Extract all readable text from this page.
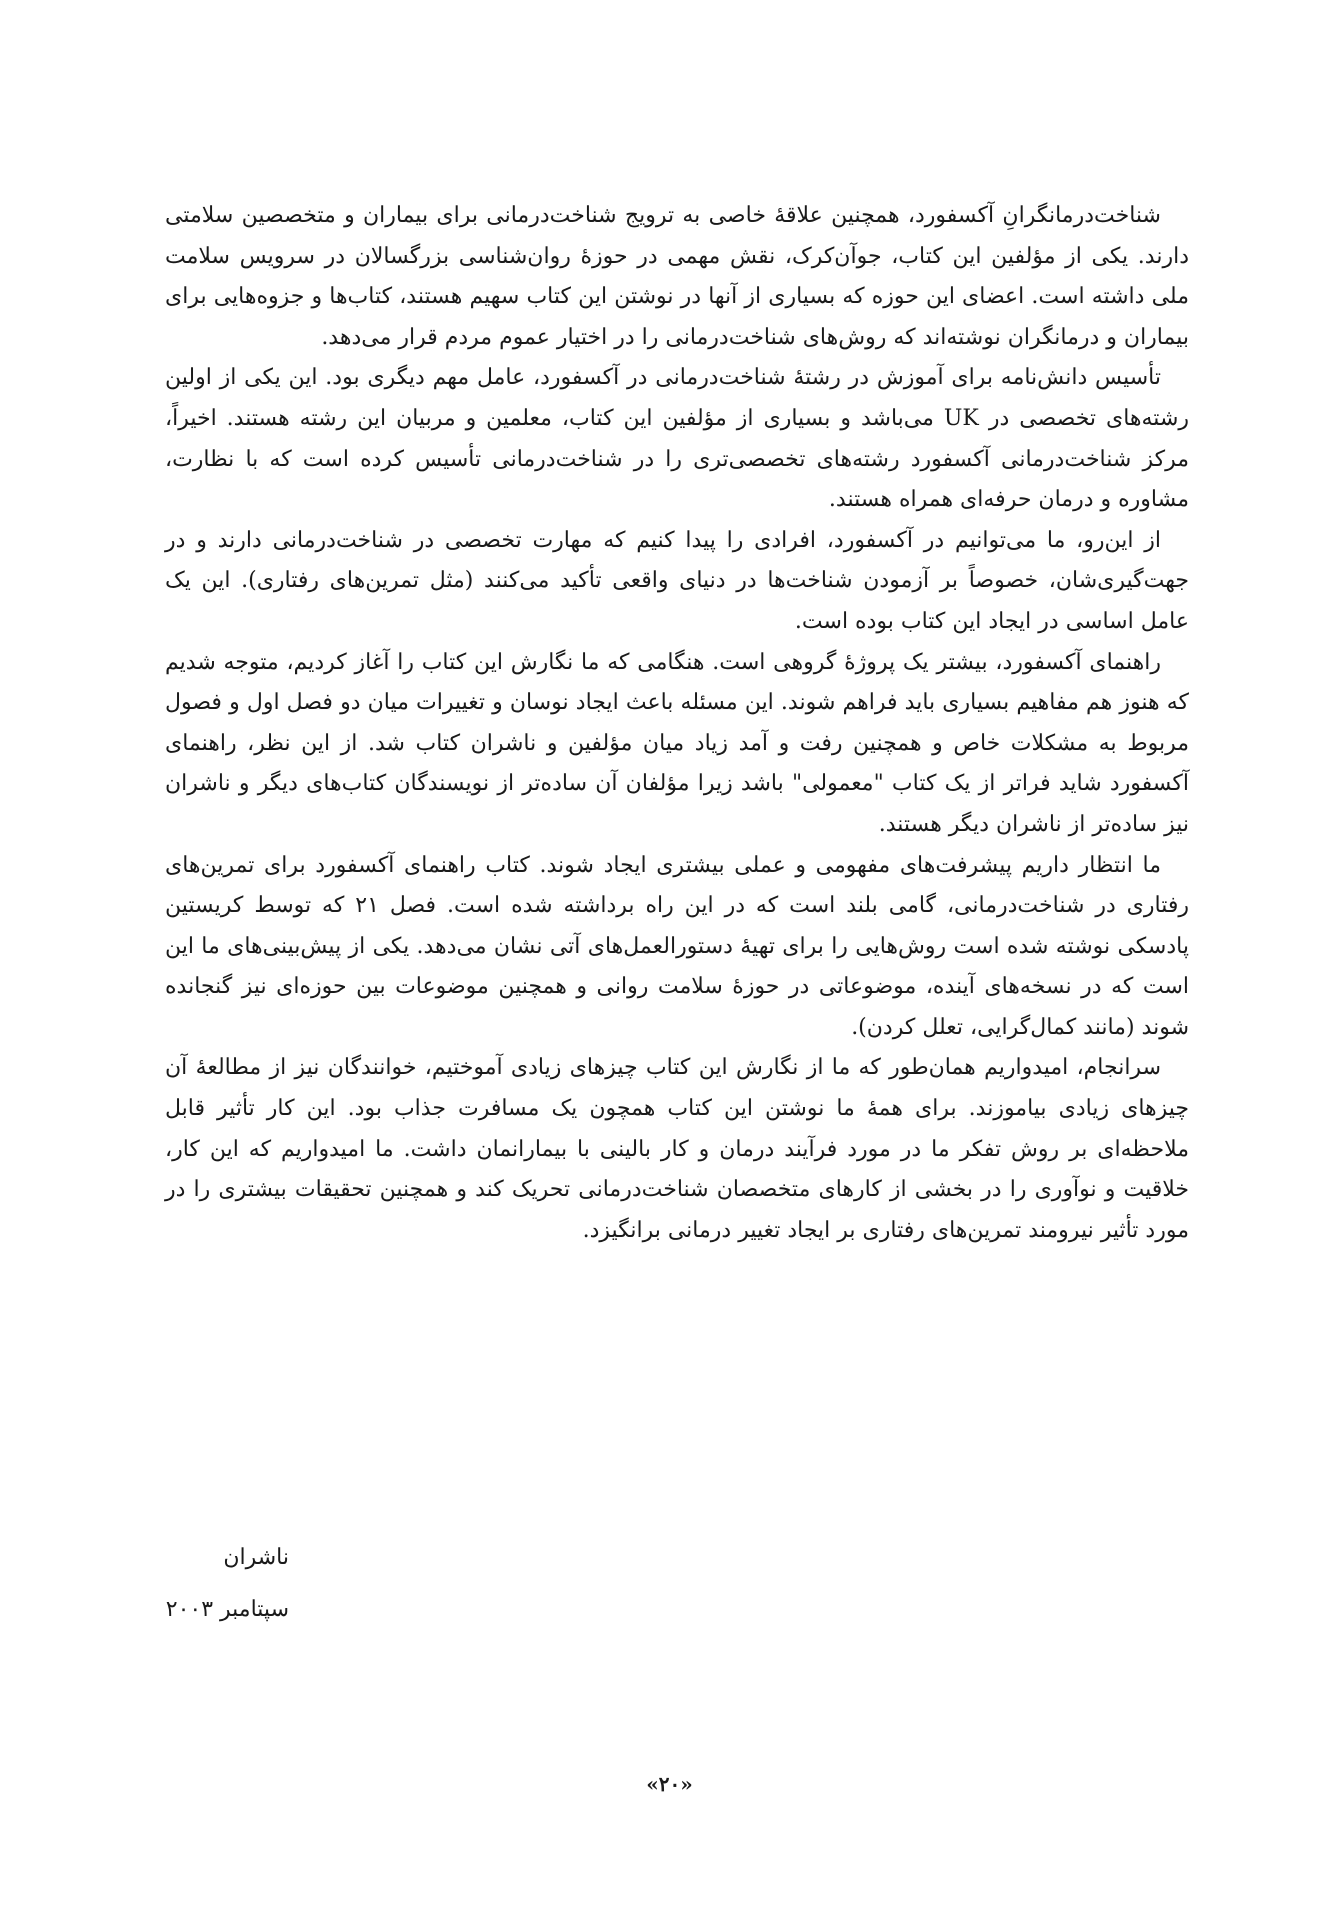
شناخت‌درمانگرانِ آکسفورد، همچنین علاقهٔ خاصی به ترویج شناخت‌درمانی برای بیماران و متخصصین سلامتی دارند. یکی از مؤلفین این کتاب، جوآن‌کرک، نقش مهمی در حوزهٔ روان‌شناسی بزرگسالان در سرویس سلامت ملی داشته است. اعضای این حوزه که بسیاری از آنها در نوشتن این کتاب سهیم هستند، کتاب‌ها و جزوه‌هایی برای بیماران و درمانگران نوشته‌اند که روش‌های شناخت‌درمانی را در اختیار عموم مردم قرار می‌دهد.

تأسیس دانش‌نامه برای آموزش در رشتهٔ شناخت‌درمانی در آکسفورد، عامل مهم دیگری بود. این یکی از اولین رشته‌های تخصصی در UK می‌باشد و بسیاری از مؤلفین این کتاب، معلمین و مربیان این رشته هستند. اخیراً، مرکز شناخت‌درمانی آکسفورد رشته‌های تخصصی‌تری را در شناخت‌درمانی تأسیس کرده است که با نظارت، مشاوره و درمان حرفه‌ای همراه هستند.

از این‌رو، ما می‌توانیم در آکسفورد، افرادی را پیدا کنیم که مهارت تخصصی در شناخت‌درمانی دارند و در جهت‌گیری‌شان، خصوصاً بر آزمودن شناخت‌ها در دنیای واقعی تأکید می‌کنند (مثل تمرین‌های رفتاری). این یک عامل اساسی در ایجاد این کتاب بوده است.

راهنمای آکسفورد، بیشتر یک پروژهٔ گروهی است. هنگامی که ما نگارش این کتاب را آغاز کردیم، متوجه شدیم که هنوز هم مفاهیم بسیاری باید فراهم شوند. این مسئله باعث ایجاد نوسان و تغییرات میان دو فصل اول و فصول مربوط به مشکلات خاص و همچنین رفت و آمد زیاد میان مؤلفین و ناشران کتاب شد. از این نظر، راهنمای آکسفورد شاید فراتر از یک کتاب "معمولی" باشد زیرا مؤلفان آن ساده‌تر از نویسندگان کتاب‌های دیگر و ناشران نیز ساده‌تر از ناشران دیگر هستند.

ما انتظار داریم پیشرفت‌های مفهومی و عملی بیشتری ایجاد شوند. کتاب راهنمای آکسفورد برای تمرین‌های رفتاری در شناخت‌درمانی، گامی بلند است که در این راه برداشته شده است. فصل ۲۱ که توسط کریستین پادسکی نوشته شده است روش‌هایی را برای تهیهٔ دستورالعمل‌های آتی نشان می‌دهد. یکی از پیش‌بینی‌های ما این است که در نسخه‌های آینده، موضوعاتی در حوزهٔ سلامت روانی و همچنین موضوعات بین حوزه‌ای نیز گنجانده شوند (مانند کمال‌گرایی، تعلل کردن).

سرانجام، امیدواریم همان‌طور که ما از نگارش این کتاب چیزهای زیادی آموختیم، خوانندگان نیز از مطالعهٔ آن چیزهای زیادی بیاموزند. برای همهٔ ما نوشتن این کتاب همچون یک مسافرت جذاب بود. این کار تأثیر قابل ملاحظه‌ای بر روش تفکر ما در مورد فرآیند درمان و کار بالینی با بیمارانمان داشت. ما امیدواریم که این کار، خلاقیت و نوآوری را در بخشی از کارهای متخصصان شناخت‌درمانی تحریک کند و همچنین تحقیقات بیشتری را در مورد تأثیر نیرومند تمرین‌های رفتاری بر ایجاد تغییر درمانی برانگیزد.

ناشران
سپتامبر ۲۰۰۳
«۲۰»
